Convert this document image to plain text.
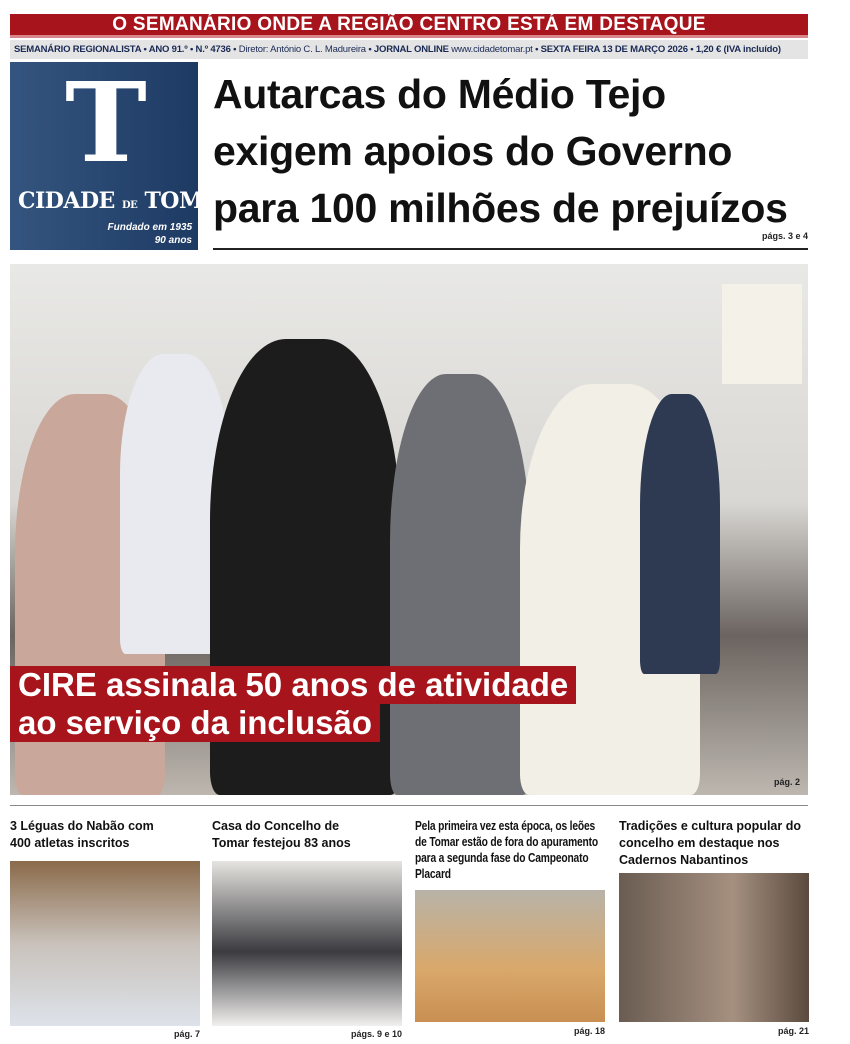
O SEMANÁRIO ONDE A REGIÃO CENTRO ESTÁ EM DESTAQUE
SEMANÁRIO REGIONALISTA • ANO 91.º • N.º 4736 • Diretor: António C. L. Madureira • JORNAL ONLINE www.cidadetomar.pt • SEXTA FEIRA 13 DE MARÇO 2026 • 1,20 € (IVA incluído)
T
CIDADE DE TOMAR
Fundado em 1935
90 anos
Autarcas do Médio Tejo
exigem apoios do Governo
para 100 milhões de prejuízos
págs. 3 e 4
CIRE assinala 50 anos de atividade
ao serviço da inclusão
pág. 2
3 Léguas do Nabão com 400 atletas inscritos
pág. 7
Casa do Concelho de Tomar festejou 83 anos
págs. 9 e 10
Pela primeira vez esta época, os leões de Tomar estão de fora do apuramento para a segunda fase do Campeonato Placard
pág. 18
Tradições e cultura popular do concelho em destaque nos Cadernos Nabantinos
pág. 21
